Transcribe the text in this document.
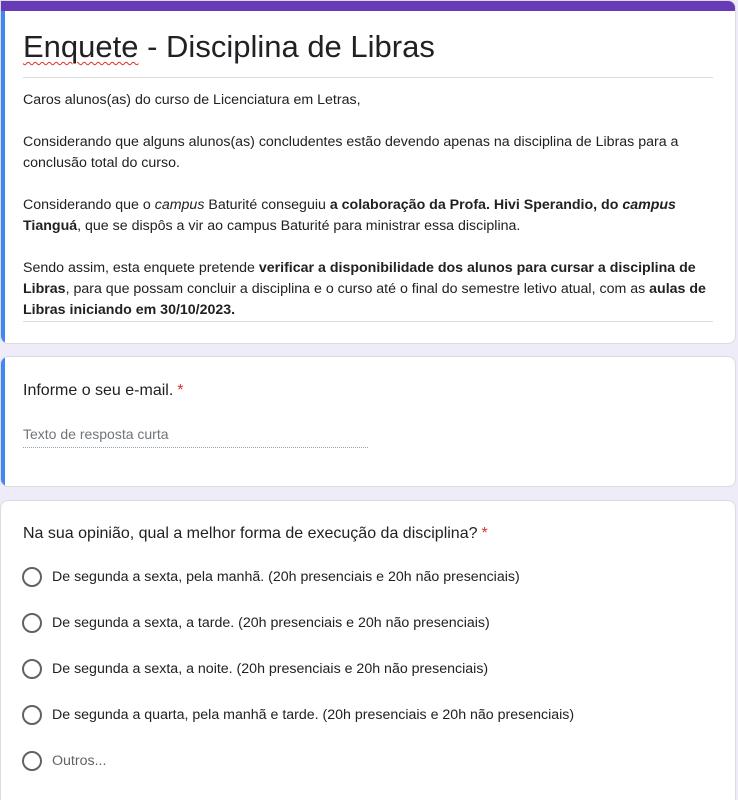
Enquete - Disciplina de Libras

Caros alunos(as) do curso de Licenciatura em Letras,

Considerando que alguns alunos(as) concludentes estão devendo apenas na disciplina de Libras para a conclusão total do curso.

Considerando que o campus Baturité conseguiu a colaboração da Profa. Hivi Sperandio, do campus Tianguá, que se dispôs a vir ao campus Baturité para ministrar essa disciplina.

Sendo assim, esta enquete pretende verificar a disponibilidade dos alunos para cursar a disciplina de Libras, para que possam concluir a disciplina e o curso até o final do semestre letivo atual, com as aulas de Libras iniciando em 30/10/2023.

Informe o seu e-mail. *
Texto de resposta curta
Na sua opinião, qual a melhor forma de execução da disciplina? *
De segunda a sexta, pela manhã. (20h presenciais e 20h não presenciais)
De segunda a sexta, a tarde. (20h presenciais e 20h não presenciais)
De segunda a sexta, a noite. (20h presenciais e 20h não presenciais)
De segunda a quarta, pela manhã e tarde. (20h presenciais e 20h não presenciais)
Outros...
